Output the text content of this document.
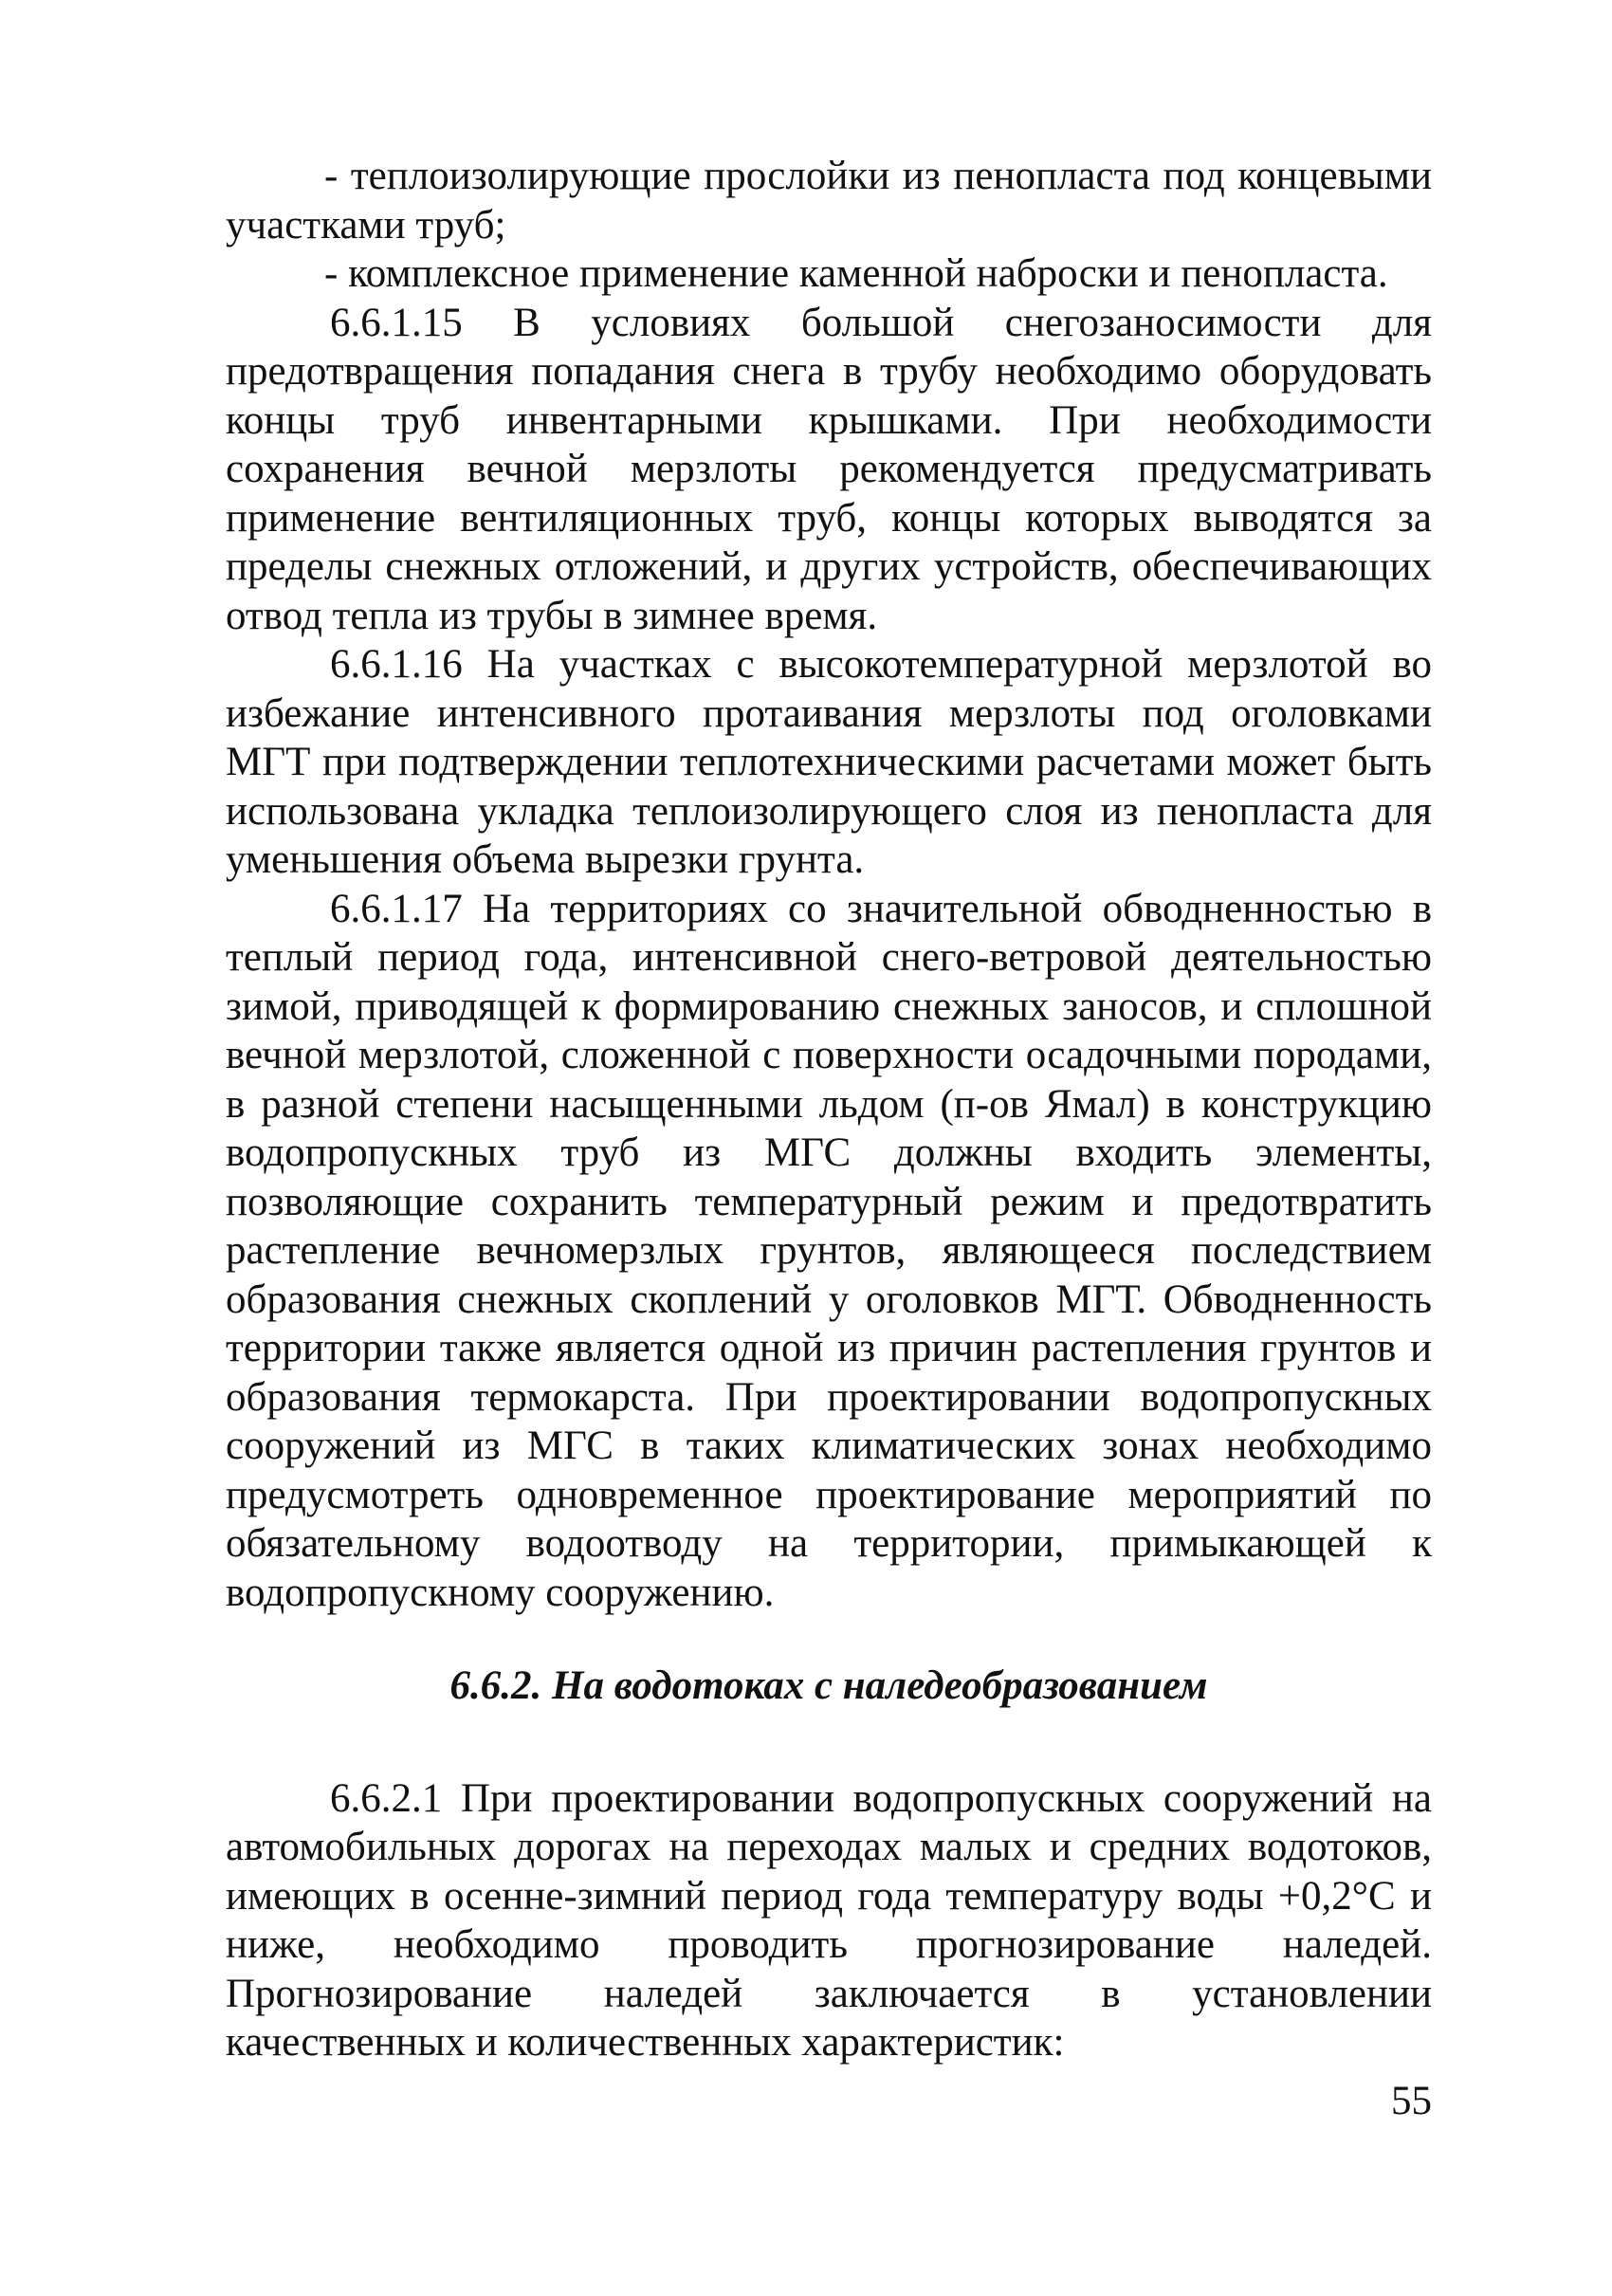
- теплоизолирующие прослойки из пенопласта под концевыми участками труб;

- комплексное применение каменной наброски и пенопласта.

6.6.1.15 В условиях большой снегозаносимости для предотвращения попадания снега в трубу необходимо оборудовать концы труб инвентарными крышками. При необходимости сохранения вечной мерзлоты рекомендуется предусматривать применение вентиляционных труб, концы которых выводятся за пределы снежных отложений, и других устройств, обеспечивающих отвод тепла из трубы в зимнее время.

6.6.1.16 На участках с высокотемпературной мерзлотой во избежание интенсивного протаивания мерзлоты под оголовками МГТ при подтверждении теплотехническими расчетами может быть использована укладка теплоизолирующего слоя из пенопласта для уменьшения объема вырезки грунта.

6.6.1.17 На территориях со значительной обводненностью в теплый период года, интенсивной снего-ветровой деятельностью зимой, приводящей к формированию снежных заносов, и сплошной вечной мерзлотой, сложенной с поверхности осадочными породами, в разной степени насыщенными льдом (п-ов Ямал) в конструкцию водопропускных труб из МГС должны входить элементы, позволяющие сохранить температурный режим и предотвратить растепление вечномерзлых грунтов, являющееся последствием образования снежных скоплений у оголовков МГТ. Обводненность территории также является одной из причин растепления грунтов и образования термокарста. При проектировании водопропускных сооружений из МГС в таких климатических зонах необходимо предусмотреть одновременное проектирование мероприятий по обязательному водоотводу на территории, примыкающей к водопропускному сооружению.

6.6.2. На водотоках с наледеобразованием

6.6.2.1 При проектировании водопропускных сооружений на автомобильных дорогах на переходах малых и средних водотоков, имеющих в осенне-зимний период года температуру воды +0,2°С и ниже, необходимо проводить прогнозирование наледей. Прогнозирование наледей заключается в установлении качественных и количественных характеристик:

55
